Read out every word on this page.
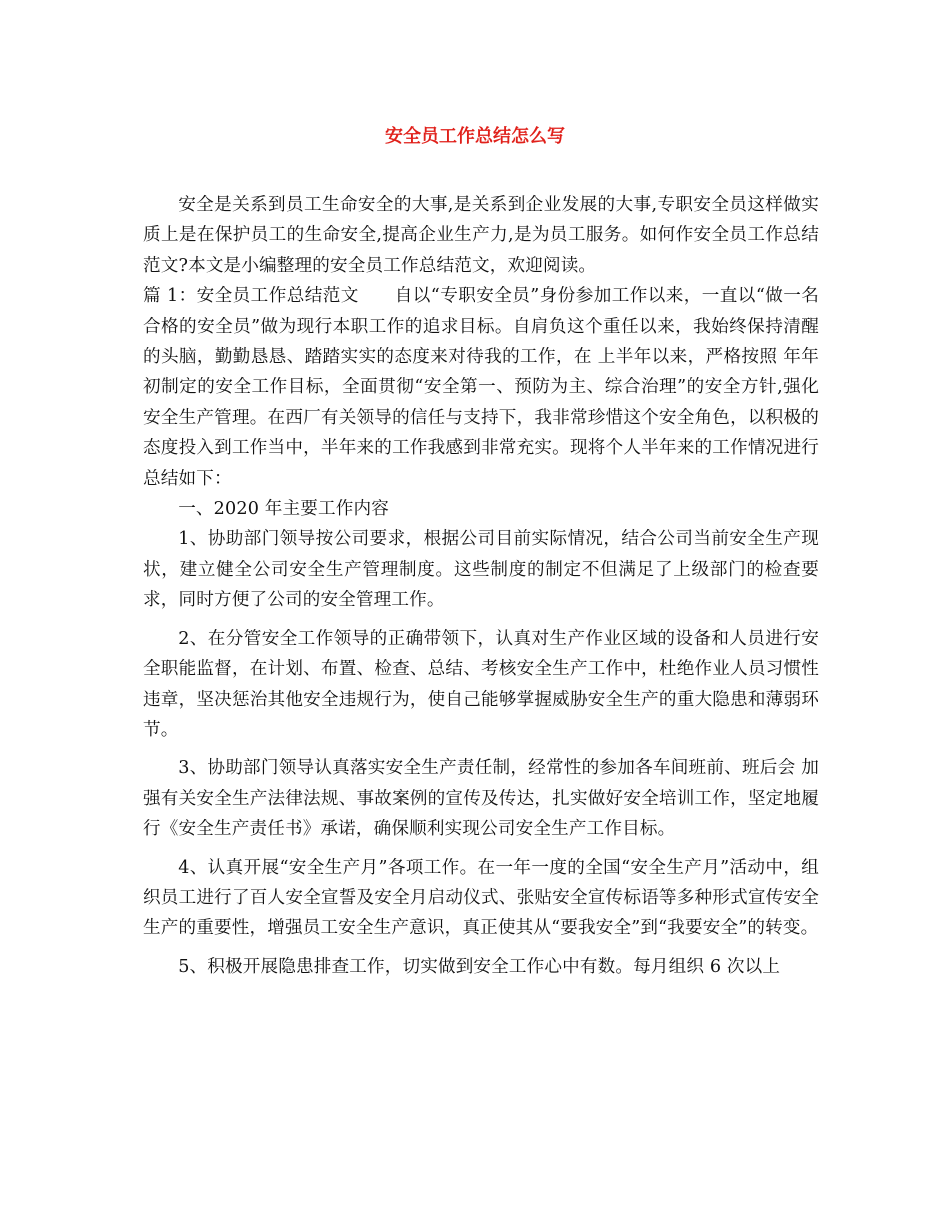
安全员工作总结怎么写

安全是关系到员工生命安全的大事,是关系到企业发展的大事,专职安全员这样做实质上是在保护员工的生命安全,提高企业生产力,是为员工服务。如何作安全员工作总结范文?本文是小编整理的安全员工作总结范文，欢迎阅读。

篇 1：安全员工作总结范文　　自以“专职安全员”身份参加工作以来，一直以“做一名合格的安全员”做为现行本职工作的追求目标。自肩负这个重任以来，我始终保持清醒的头脑，勤勤恳恳、踏踏实实的态度来对待我的工作，在 上半年以来，严格按照 年年初制定的安全工作目标，全面贯彻“安全第一、预防为主、综合治理”的安全方针,强化安全生产管理。在西厂有关领导的信任与支持下，我非常珍惜这个安全角色，以积极的态度投入到工作当中，半年来的工作我感到非常充实。现将个人半年来的工作情况进行总结如下：

一、2020 年主要工作内容

1、协助部门领导按公司要求，根据公司目前实际情况，结合公司当前安全生产现状，建立健全公司安全生产管理制度。这些制度的制定不但满足了上级部门的检查要求，同时方便了公司的安全管理工作。

2、在分管安全工作领导的正确带领下，认真对生产作业区域的设备和人员进行安全职能监督，在计划、布置、检查、总结、考核安全生产工作中，杜绝作业人员习惯性违章，坚决惩治其他安全违规行为，使自己能够掌握威胁安全生产的重大隐患和薄弱环节。

3、协助部门领导认真落实安全生产责任制，经常性的参加各车间班前、班后会 加强有关安全生产法律法规、事故案例的宣传及传达，扎实做好安全培训工作，坚定地履行《安全生产责任书》承诺，确保顺利实现公司安全生产工作目标。

4、认真开展“安全生产月”各项工作。在一年一度的全国“安全生产月”活动中，组织员工进行了百人安全宣誓及安全月启动仪式、张贴安全宣传标语等多种形式宣传安全生产的重要性，增强员工安全生产意识，真正使其从“要我安全”到“我要安全”的转变。

5、积极开展隐患排查工作，切实做到安全工作心中有数。每月组织 6 次以上
